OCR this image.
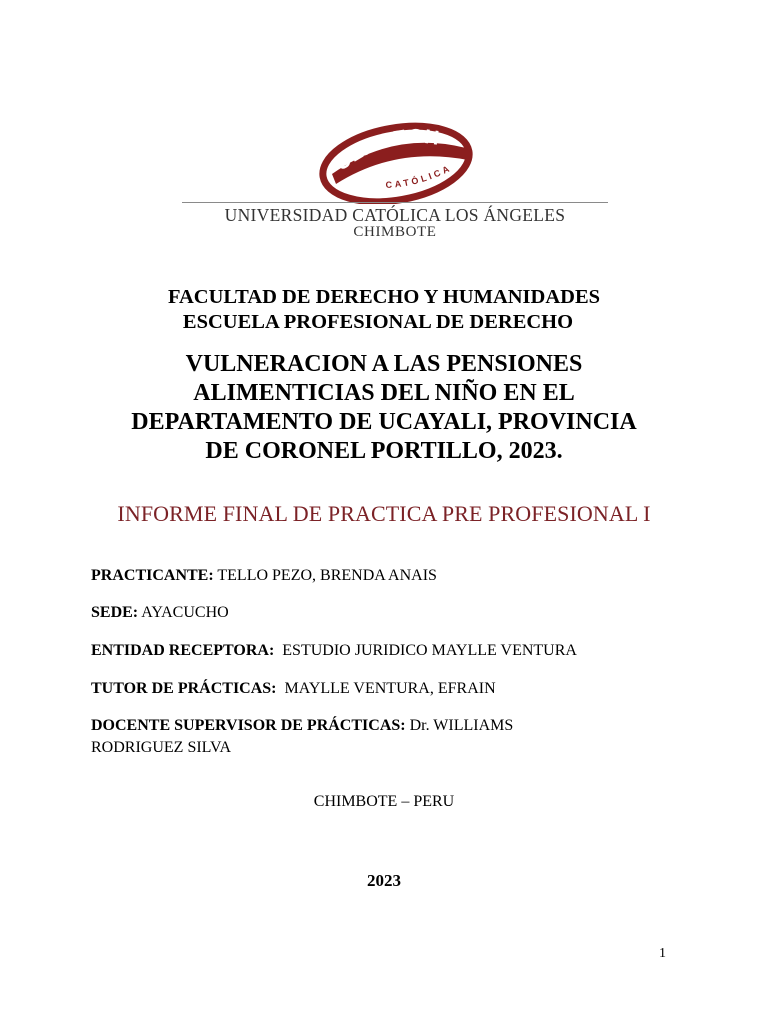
ULADECH
CATÓLICA
UNIVERSIDAD CATÓLICA LOS ÁNGELES
CHIMBOTE
FACULTAD DE DERECHO Y HUMANIDADES
ESCUELA PROFESIONAL DE DERECHO
VULNERACION A LAS PENSIONES
ALIMENTICIAS DEL NIÑO EN EL
DEPARTAMENTO DE UCAYALI, PROVINCIA
DE CORONEL PORTILLO, 2023.
INFORME FINAL DE PRACTICA PRE PROFESIONAL I
PRACTICANTE: TELLO PEZO, BRENDA ANAIS
SEDE: AYACUCHO
ENTIDAD RECEPTORA:  ESTUDIO JURIDICO MAYLLE VENTURA
TUTOR DE PRÁCTICAS:  MAYLLE VENTURA, EFRAIN
DOCENTE SUPERVISOR DE PRÁCTICAS: Dr. WILLIAMS RODRIGUEZ SILVA
CHIMBOTE – PERU
2023
1
